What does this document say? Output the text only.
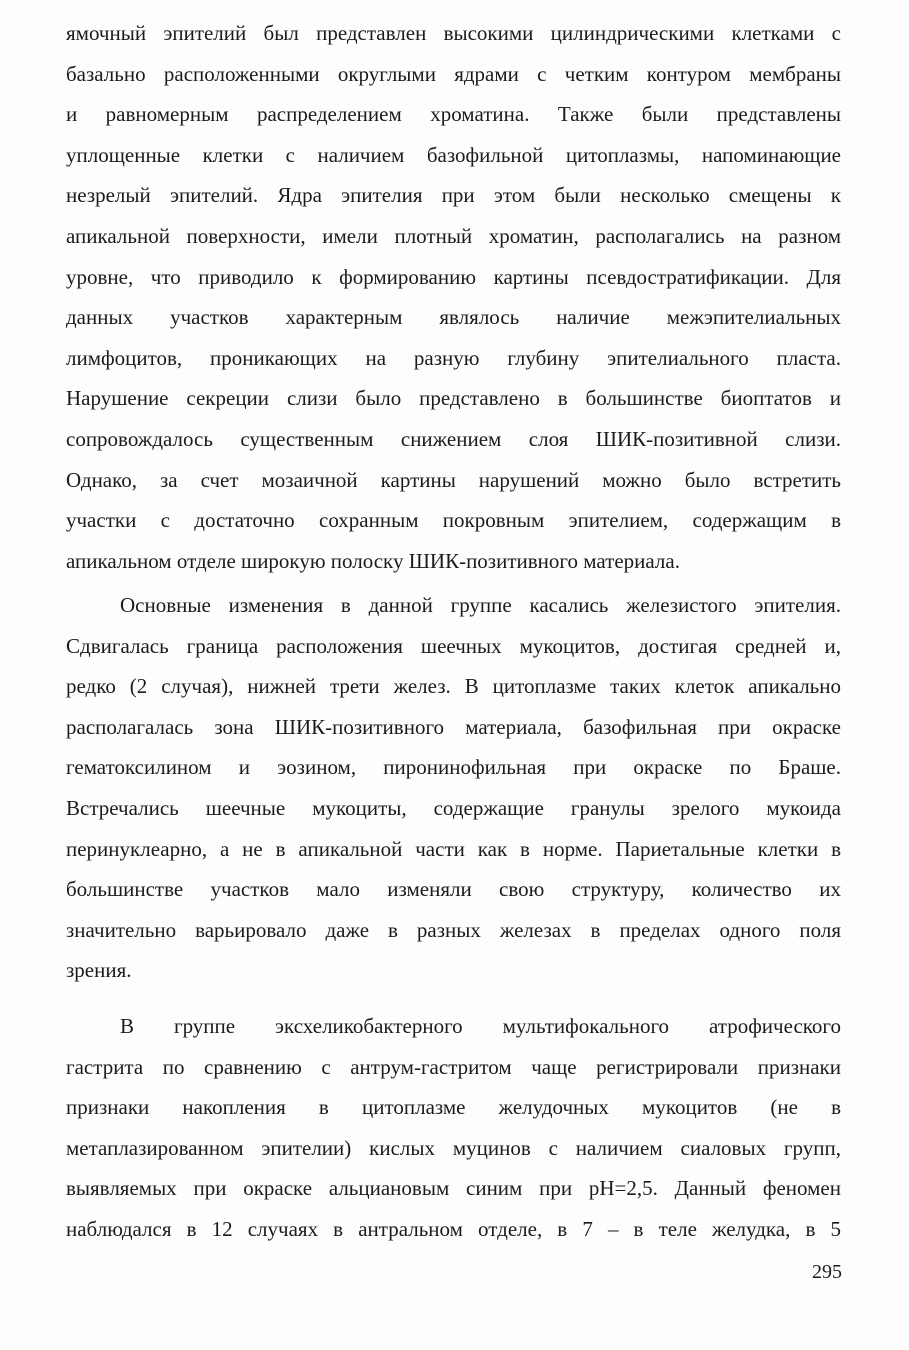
ямочный эпителий был представлен высокими цилиндрическими клетками с
базально расположенными округлыми ядрами с четким контуром мембраны
и равномерным распределением хроматина. Также были представлены
уплощенные клетки с наличием базофильной цитоплазмы, напоминающие
незрелый эпителий. Ядра эпителия при этом были несколько смещены к
апикальной поверхности, имели плотный хроматин, располагались на разном
уровне, что приводило к формированию картины псевдостратификации. Для
данных участков характерным являлось наличие межэпителиальных
лимфоцитов, проникающих на разную глубину эпителиального пласта.
Нарушение секреции слизи было представлено в большинстве биоптатов и
сопровождалось существенным снижением слоя ШИК-позитивной слизи.
Однако, за счет мозаичной картины нарушений можно было встретить
участки с достаточно сохранным покровным эпителием, содержащим в
апикальном отделе широкую полоску ШИК-позитивного материала.
Основные изменения в данной группе касались железистого эпителия.
Сдвигалась граница расположения шеечных мукоцитов, достигая средней и,
редко (2 случая), нижней трети желез. В цитоплазме таких клеток апикально
располагалась зона ШИК-позитивного материала, базофильная при окраске
гематоксилином и эозином, пиронинофильная при окраске по Браше.
Встречались шеечные мукоциты, содержащие гранулы зрелого мукоида
перинуклеарно, а не в апикальной части как в норме. Париетальные клетки в
большинстве участков мало изменяли свою структуру, количество их
значительно варьировало даже в разных железах в пределах одного поля
зрения.
В группе эксхеликобактерного мультифокального атрофического
гастрита по сравнению с антрум-гастритом чаще регистрировали признаки
признаки накопления в цитоплазме желудочных мукоцитов (не в
метаплазированном эпителии) кислых муцинов с наличием сиаловых групп,
выявляемых при окраске альциановым синим при pH=2,5. Данный феномен
наблюдался в 12 случаях в антральном отделе, в 7 – в теле желудка, в 5
295
